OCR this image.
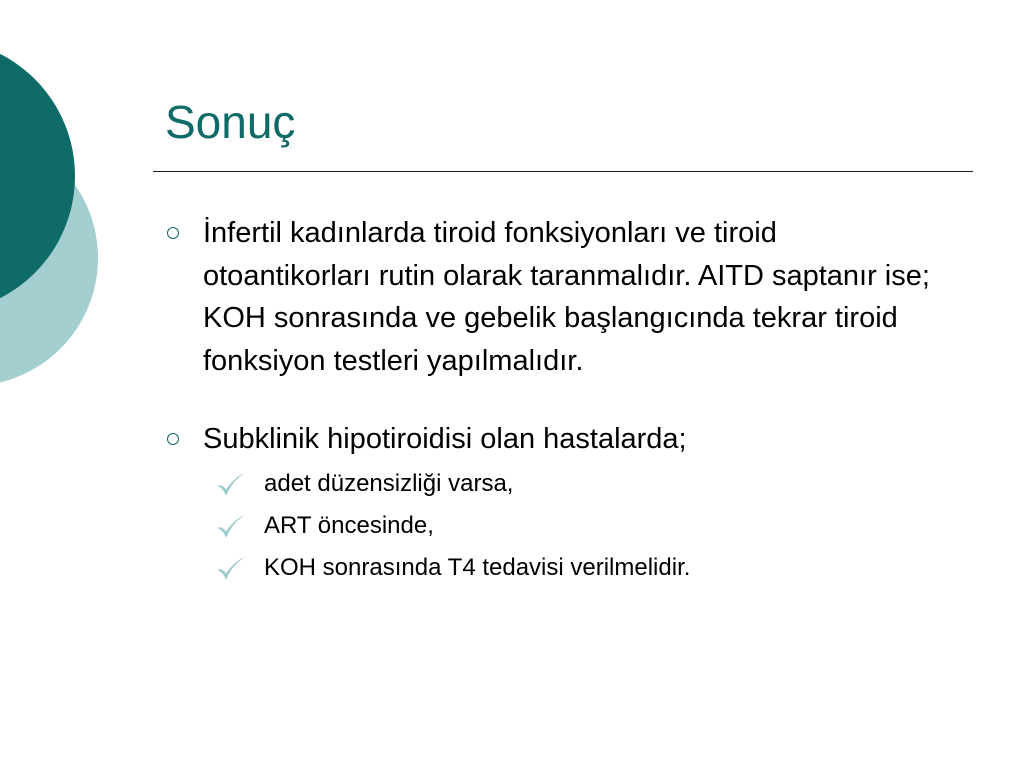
Sonuç
İnfertil kadınlarda tiroid fonksiyonları ve tiroid otoantikorları rutin olarak taranmalıdır. AITD saptanır ise; KOH sonrasında ve gebelik başlangıcında tekrar tiroid fonksiyon testleri yapılmalıdır.
Subklinik hipotiroidisi olan hastalarda;
adet düzensizliği varsa,
ART öncesinde,
KOH sonrasında T4 tedavisi verilmelidir.
